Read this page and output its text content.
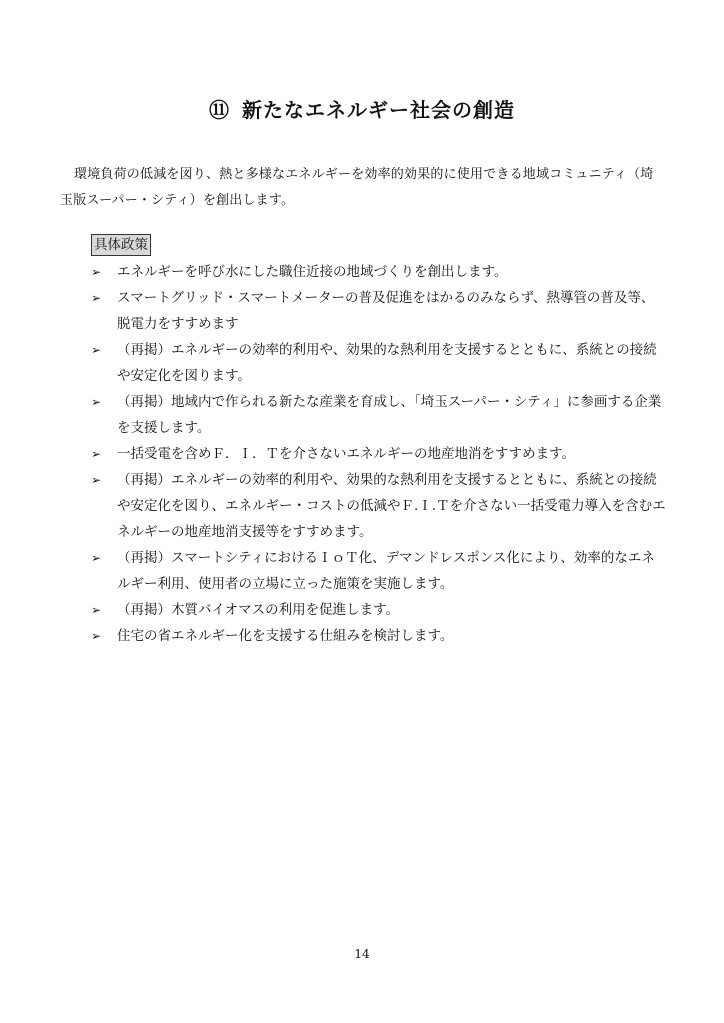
⑪ 新たなエネルギー社会の創造

環境負荷の低減を図り、熱と多様なエネルギーを効率的効果的に使用できる地域コミュニティ（埼玉版スーパー・シティ）を創出します。

具体政策
➢	エネルギーを呼び水にした職住近接の地域づくりを創出します。
➢	スマートグリッド・スマートメーターの普及促進をはかるのみならず、熱導管の普及等、脱電力をすすめます
➢	（再掲）エネルギーの効率的利用や、効果的な熱利用を支援するとともに、系統との接続や安定化を図ります。
➢	（再掲）地域内で作られる新たな産業を育成し、「埼玉スーパー・シティ」に参画する企業を支援します。
➢	一括受電を含めＦ．Ｉ．Ｔを介さないエネルギーの地産地消をすすめます。
➢	（再掲）エネルギーの効率的利用や、効果的な熱利用を支援するとともに、系統との接続や安定化を図り、エネルギー・コストの低減やＦ.Ｉ.Ｔを介さない一括受電力導入を含むエネルギーの地産地消支援等をすすめます。
➢	（再掲）スマートシティにおけるＩｏＴ化、デマンドレスポンス化により、効率的なエネルギー利用、使用者の立場に立った施策を実施します。
➢	（再掲）木質バイオマスの利用を促進します。
➢	住宅の省エネルギー化を支援する仕組みを検討します。
14
